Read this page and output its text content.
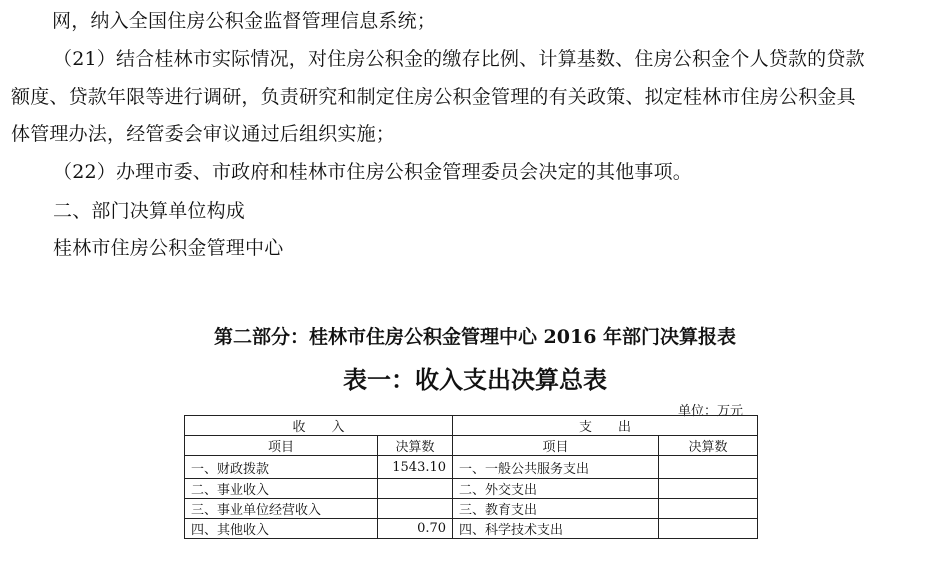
网，纳入全国住房公积金监督管理信息系统；
（21）结合桂林市实际情况，对住房公积金的缴存比例、计算基数、住房公积金个人贷款的贷款
额度、贷款年限等进行调研，负责研究和制定住房公积金管理的有关政策、拟定桂林市住房公积金具
体管理办法，经管委会审议通过后组织实施；
（22）办理市委、市政府和桂林市住房公积金管理委员会决定的其他事项。
二、部门决算单位构成
桂林市住房公积金管理中心
第二部分：桂林市住房公积金管理中心 2016 年部门决算报表
表一：收入支出决算总表
单位：万元
收　　入		支　　出	
项目	决算数	项目	决算数
一、财政拨款	1543.10	一、一般公共服务支出	
二、事业收入		二、外交支出	
三、事业单位经营收入		三、教育支出	
四、其他收入	0.70	四、科学技术支出	
